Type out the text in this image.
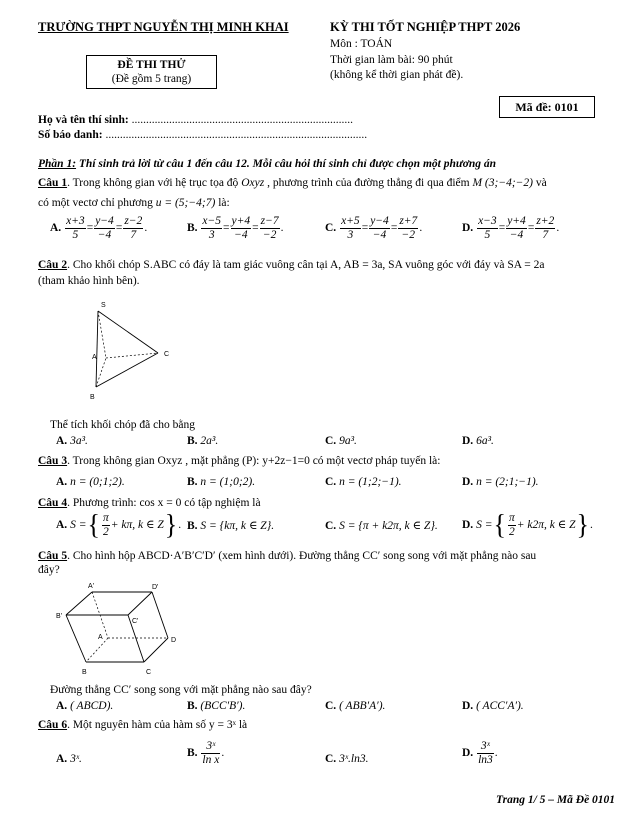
TRƯỜNG THPT NGUYỄN THỊ MINH KHAI	KỲ THI TỐT NGHIỆP THPT 2026
Môn : TOÁN
Thời gian làm bài: 90 phút
(không kể thời gian phát đề).
ĐỀ THI THỬ
(Đề gồm 5 trang)
Mã đề: 0101
Họ và tên thí sinh: .............................................................................
Số báo danh: ...........................................................................................
Phần 1: Thí sinh trả lời từ câu 1 đến câu 12. Mỗi câu hỏi thí sinh chỉ được chọn một phương án
Câu 1. Trong không gian với hệ trục tọa độ Oxyz , phương trình của đường thẳng đi qua điểm M (3;−4;−2) và
có một vectơ chỉ phương u = (5;−4;7) là:
A. $\frac{x+3}{5} = \frac{y-4}{-4} = \frac{z-2}{7}$ .	B. $\frac{x-5}{3} = \frac{y+4}{-4} = \frac{z-7}{-2}$ .	C. $\frac{x+5}{3} = \frac{y-4}{-4} = \frac{z+7}{-2}$ .	D. $\frac{x-3}{5} = \frac{y+4}{-4} = \frac{z+2}{7}$ .
Câu 2. Cho khối chóp S.ABC có đáy là tam giác vuông cân tại A, AB = 3a, SA vuông góc với đáy và SA = 2a
(tham khảo hình bên).
S
A
B
C
Thể tích khối chóp đã cho bằng
A. 3a³.	B. 2a³.	C. 9a³.	D. 6a³.
Câu 3. Trong không gian Oxyz , mặt phẳng (P): y+2z−1=0 có một vectơ pháp tuyến là:
A. n = (0;1;2).	B. n = (1;0;2).	C. n = (1;2;−1).	D. n = (2;1;−1).
Câu 4. Phương trình: cos x = 0 có tập nghiệm là
A. S ={ $\frac{\pi}{2} + k\pi$, k ∈ Z}. B. S = {kπ, k ∈ Z}.	C. S = {π + k2π, k ∈ Z}. D. S ={ $\frac{\pi}{2} + k2\pi$, k ∈ Z}.
Câu 5. Cho hình hộp ABCD·A′B′C′D′ (xem hình dưới). Đường thẳng CC′ song song với mặt phẳng nào sau
đây?
A'	D'
B'
C'
A	D
B	C
Đường thẳng CC′ song song với mặt phẳng nào sau đây?
A. ( ABCD).	B. (BCC′B′).	C. ( ABB′A′).	D. ( ACC′A′).
Câu 6. Một nguyên hàm của hàm số y = 3ˣ là
A. 3ˣ.
B. $\frac{\text{3ˣ}}{\text{ln x}}$ .
C. 3ˣ.ln3.
D. $\frac{\text{3ˣ}}{\ln 3}$ .
Trang 1/ 5 – Mã Đề 0101
